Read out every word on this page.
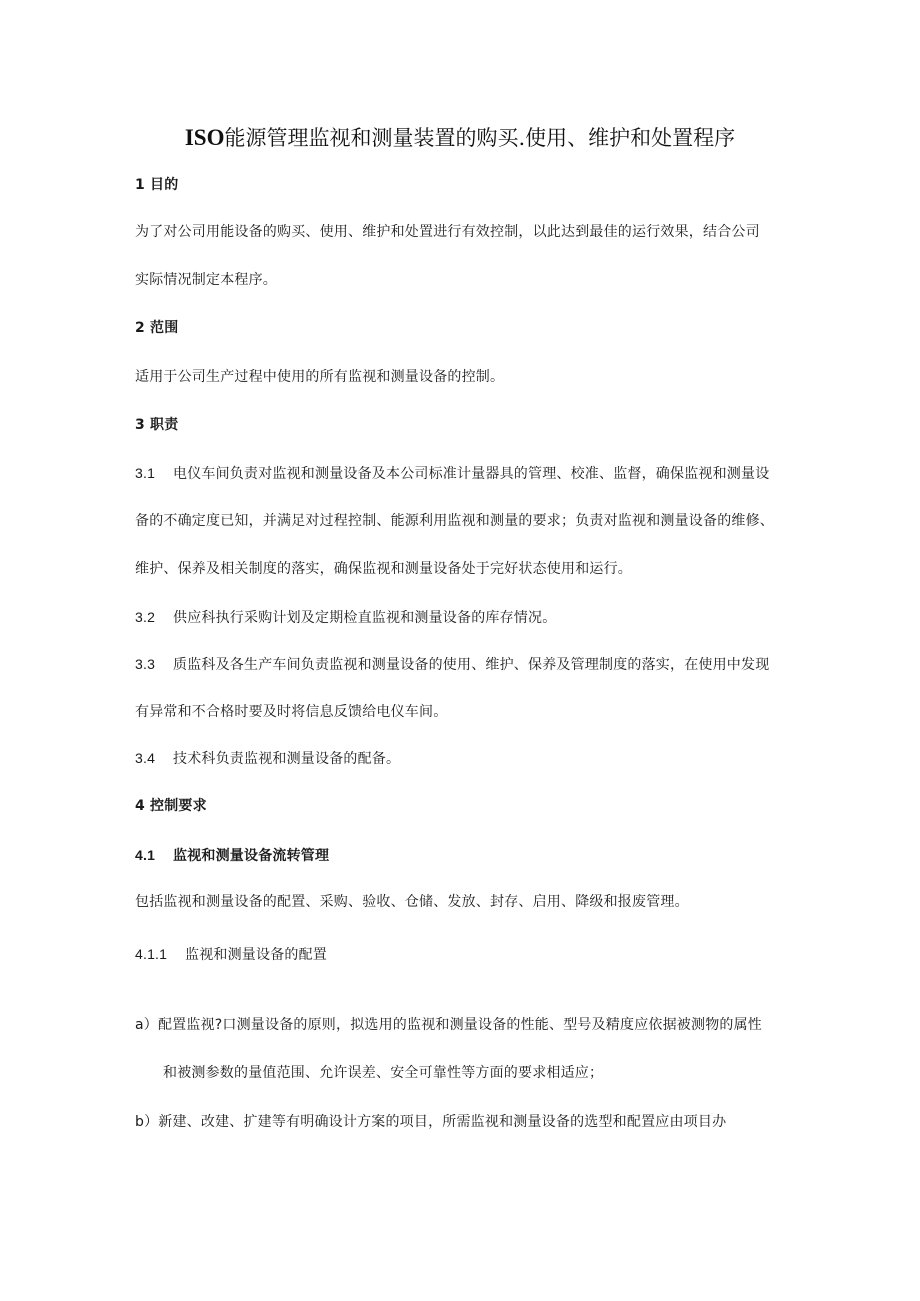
ISO能源管理监视和测量装置的购买.使用、维护和处置程序
1 目的
为了对公司用能设备的购买、使用、维护和处置进行有效控制，以此达到最佳的运行效果，结合公司
实际情况制定本程序。
2 范围
适用于公司生产过程中使用的所有监视和测量设备的控制。
3 职责
3.1 电仪车间负责对监视和测量设备及本公司标准计量器具的管理、校准、监督，确保监视和测量设
备的不确定度已知，并满足对过程控制、能源利用监视和测量的要求；负责对监视和测量设备的维修、
维护、保养及相关制度的落实，确保监视和测量设备处于完好状态使用和运行。
3.2 供应科执行采购计划及定期检直监视和测量设备的库存情况。
3.3 质监科及各生产车间负责监视和测量设备的使用、维护、保养及管理制度的落实，在使用中发现
有异常和不合格时要及时将信息反馈给电仪车间。
3.4 技术科负责监视和测量设备的配备。
4 控制要求
4.1 监视和测量设备流转管理
包括监视和测量设备的配置、采购、验收、仓储、发放、封存、启用、降级和报废管理。
4.1.1 监视和测量设备的配置
a）配置监视?口测量设备的原则，拟选用的监视和测量设备的性能、型号及精度应依据被测物的属性
和被测参数的量值范围、允许误差、安全可靠性等方面的要求相适应；
b）新建、改建、扩建等有明确设计方案的项目，所需监视和测量设备的选型和配置应由项目办
